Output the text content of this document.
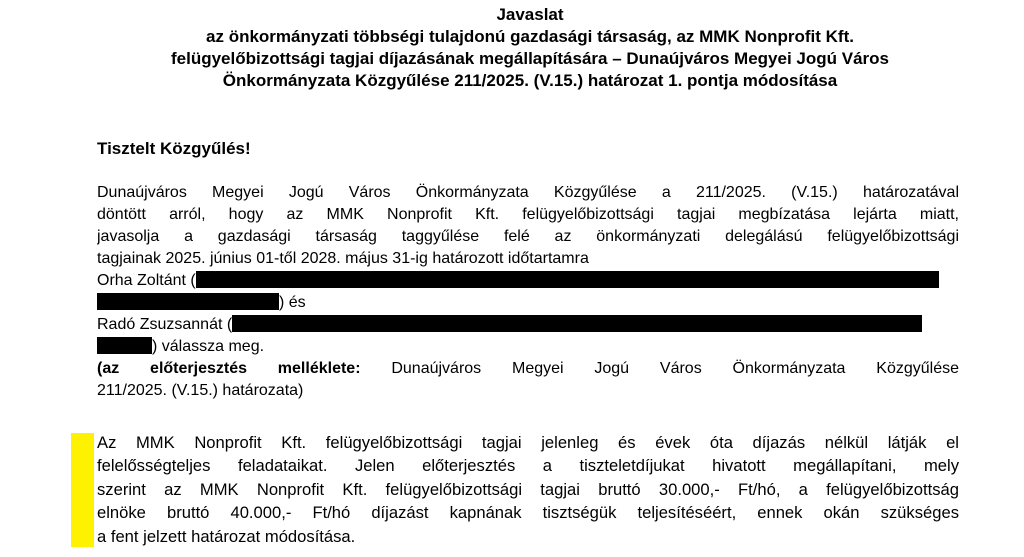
Javaslat
az önkormányzati többségi tulajdonú gazdasági társaság, az MMK Nonprofit Kft.
felügyelőbizottsági tagjai díjazásának megállapítására – Dunaújváros Megyei Jogú Város
Önkormányzata Közgyűlése 211/2025. (V.15.) határozat 1. pontja módosítása
Tisztelt Közgyűlés!
Dunaújváros Megyei Jogú Város Önkormányzata Közgyűlése a 211/2025. (V.15.) határozatával
döntött arról, hogy az MMK Nonprofit Kft. felügyelőbizottsági tagjai megbízatása lejárta miatt,
javasolja a gazdasági társaság taggyűlése felé az önkormányzati delegálású felügyelőbizottsági
tagjainak 2025. június 01-től 2028. május 31-ig határozott időtartamra
Orha Zoltánt (
) és
Radó Zsuzsannát (
) válassza meg.
(az előterjesztés melléklete: Dunaújváros Megyei Jogú Város Önkormányzata Közgyűlése
211/2025. (V.15.) határozata)
Az MMK Nonprofit Kft. felügyelőbizottsági tagjai jelenleg és évek óta díjazás nélkül látják el
felelősségteljes feladataikat. Jelen előterjesztés a tiszteletdíjukat hivatott megállapítani, mely
szerint az MMK Nonprofit Kft. felügyelőbizottsági tagjai bruttó 30.000,- Ft/hó, a felügyelőbizottság
elnöke bruttó 40.000,- Ft/hó díjazást kapnának tisztségük teljesítéséért, ennek okán szükséges
a fent jelzett határozat módosítása.
